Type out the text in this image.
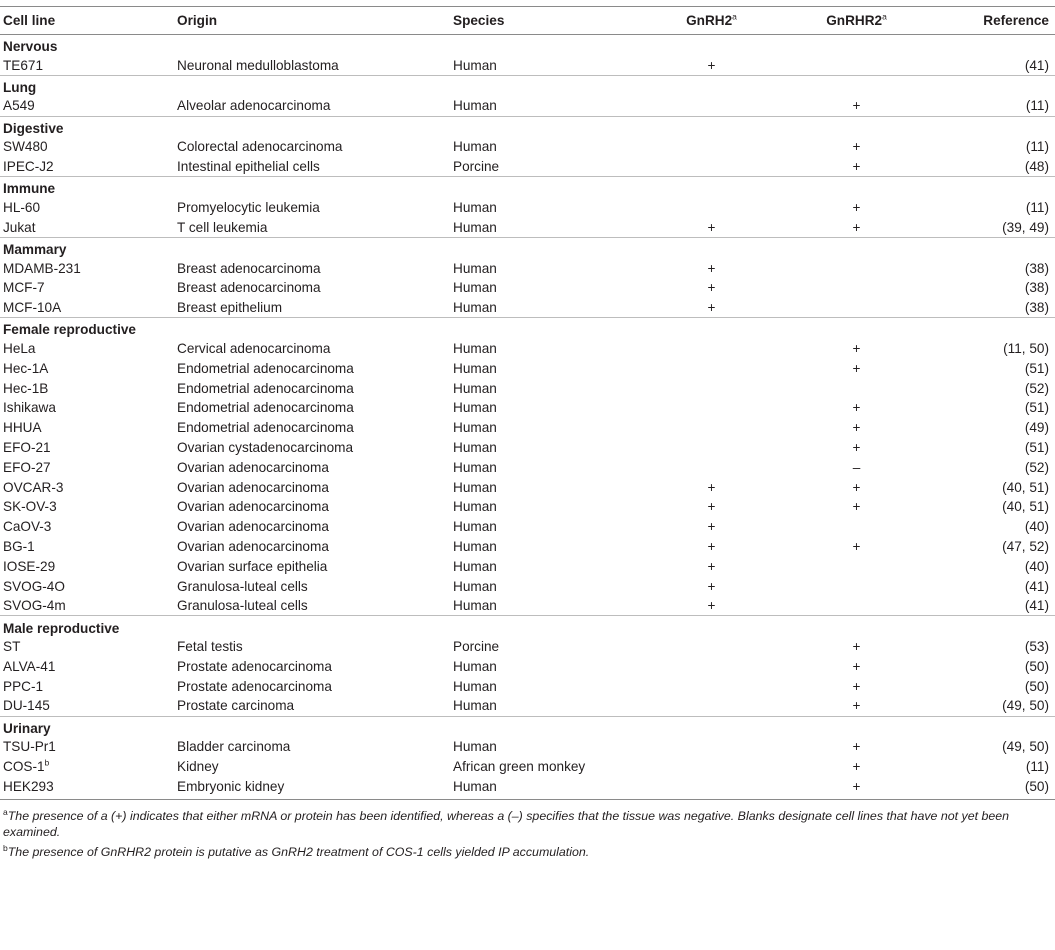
Cell line	Origin	Species	GnRH2$^a$	GnRHR2$^a$	Reference
Nervous					
TE671	Neuronal medulloblastoma	Human	+		(41)
Lung					
A549	Alveolar adenocarcinoma	Human		+	(11)
Digestive					
SW480	Colorectal adenocarcinoma	Human		+	(11)
IPEC-J2	Intestinal epithelial cells	Porcine		+	(48)
Immune					
HL-60	Promyelocytic leukemia	Human		+	(11)
Jukat	T cell leukemia	Human	+	+	(39, 49)
Mammary					
MDAMB-231	Breast adenocarcinoma	Human	+		(38)
MCF-7	Breast adenocarcinoma	Human	+		(38)
MCF-10A	Breast epithelium	Human	+		(38)
Female reproductive					
HeLa	Cervical adenocarcinoma	Human		+	(11, 50)
Hec-1A	Endometrial adenocarcinoma	Human		+	(51)
Hec-1B	Endometrial adenocarcinoma	Human			(52)
Ishikawa	Endometrial adenocarcinoma	Human		+	(51)
HHUA	Endometrial adenocarcinoma	Human		+	(49)
EFO-21	Ovarian cystadenocarcinoma	Human		+	(51)
EFO-27	Ovarian adenocarcinoma	Human		–	(52)
OVCAR-3	Ovarian adenocarcinoma	Human	+	+	(40, 51)
SK-OV-3	Ovarian adenocarcinoma	Human	+	+	(40, 51)
CaOV-3	Ovarian adenocarcinoma	Human	+		(40)
BG-1	Ovarian adenocarcinoma	Human	+	+	(47, 52)
IOSE-29	Ovarian surface epithelia	Human	+		(40)
SVOG-4O	Granulosa-luteal cells	Human	+		(41)
SVOG-4m	Granulosa-luteal cells	Human	+		(41)
Male reproductive					
ST	Fetal testis	Porcine		+	(53)
ALVA-41	Prostate adenocarcinoma	Human		+	(50)
PPC-1	Prostate adenocarcinoma	Human		+	(50)
DU-145	Prostate carcinoma	Human		+	(49, 50)
Urinary					
TSU-Pr1	Bladder carcinoma	Human		+	(49, 50)
COS-1$^b$	Kidney	African green monkey		+	(11)
HEK293	Embryonic kidney	Human		+	(50)

$^a$The presence of a (+) indicates that either mRNA or protein has been identified, whereas a (–) specifies that the tissue was negative. Blanks designate cell lines that have not yet been examined.

$^b$The presence of GnRHR2 protein is putative as GnRH2 treatment of COS-1 cells yielded IP accumulation.
